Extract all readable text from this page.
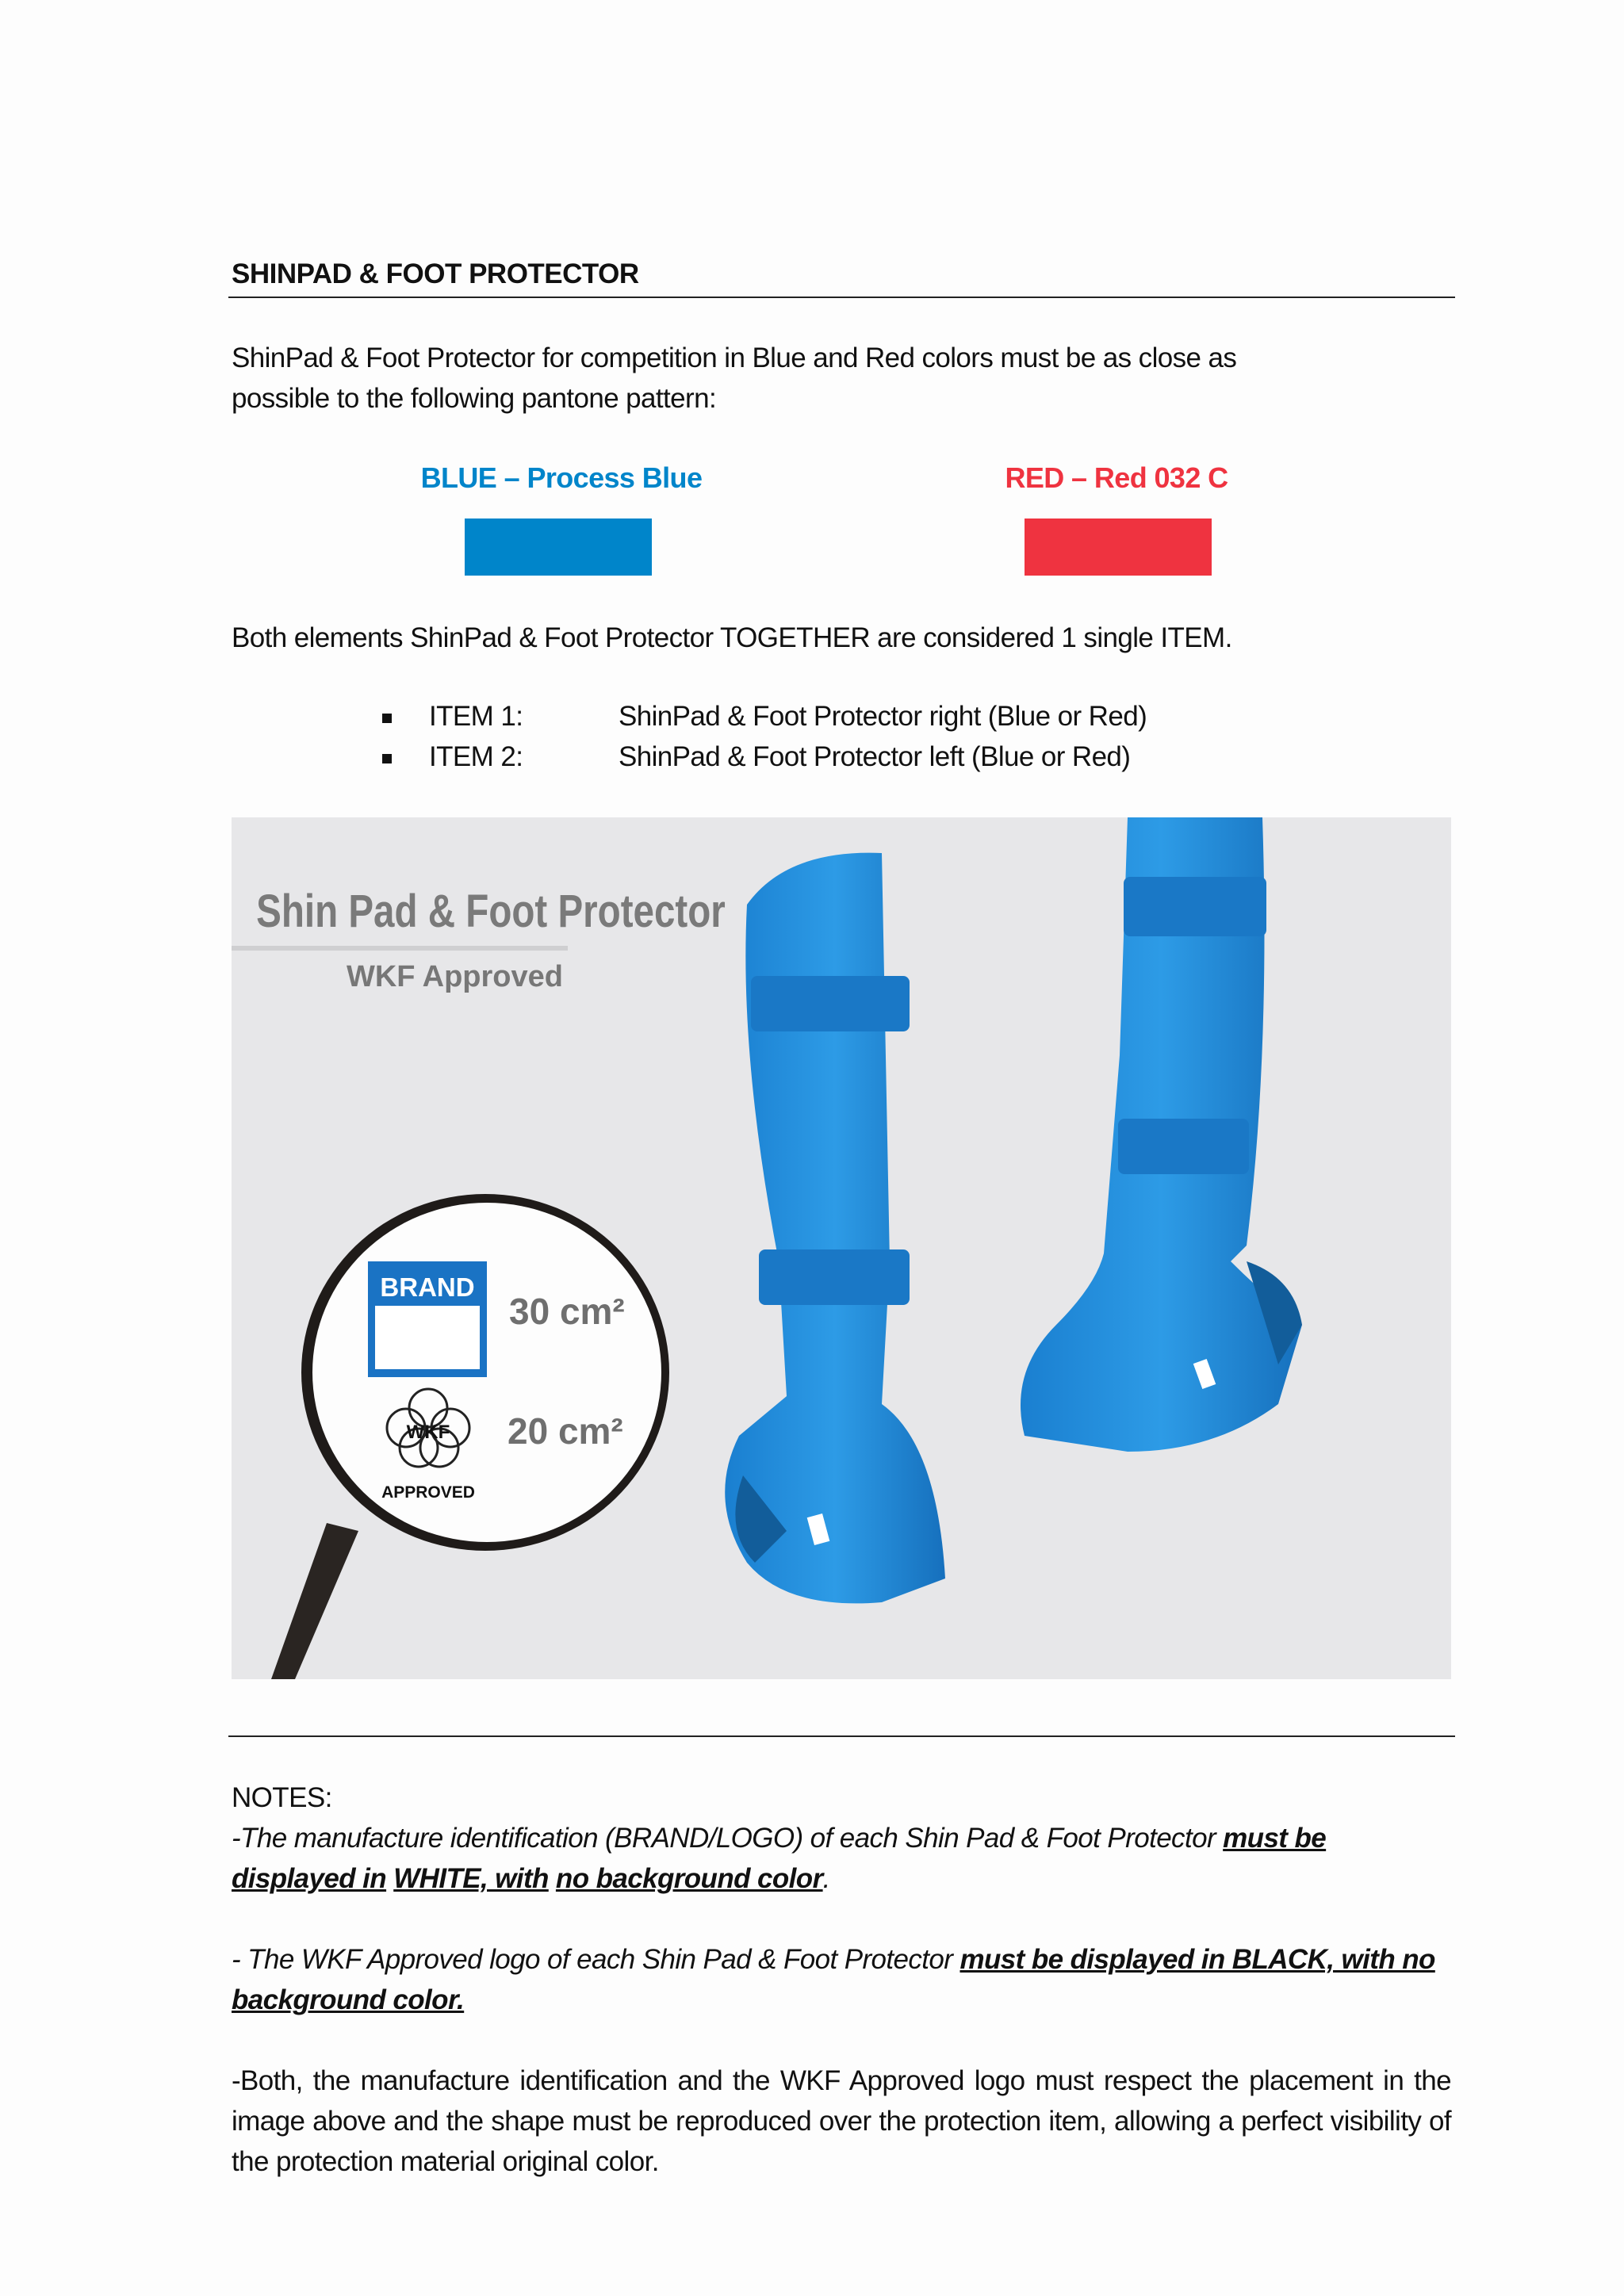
SHINPAD & FOOT PROTECTOR
ShinPad & Foot Protector for competition in Blue and Red colors must be as close as
possible to the following pantone pattern:
BLUE – Process Blue	RED – Red 032 C
Both elements ShinPad & Foot Protector TOGETHER are considered 1 single ITEM.
ITEM 1:	ShinPad & Foot Protector right (Blue or Red)
ITEM 2:	ShinPad & Foot Protector left (Blue or Red)
Shin Pad & Foot Protector
WKF Approved
BRAND
LOGO 30 cm²
WKF
APPROVED
20 cm²
NOTES:

-The manufacture identification (BRAND/LOGO) of each Shin Pad & Foot Protector must be displayed in WHITE, with no background color.

- The WKF Approved logo of each Shin Pad & Foot Protector must be displayed in BLACK, with no background color.

-Both, the manufacture identification and the WKF Approved logo must respect the placement in the image above and the shape must be reproduced over the protection item, allowing a perfect visibility of the protection material original color.
